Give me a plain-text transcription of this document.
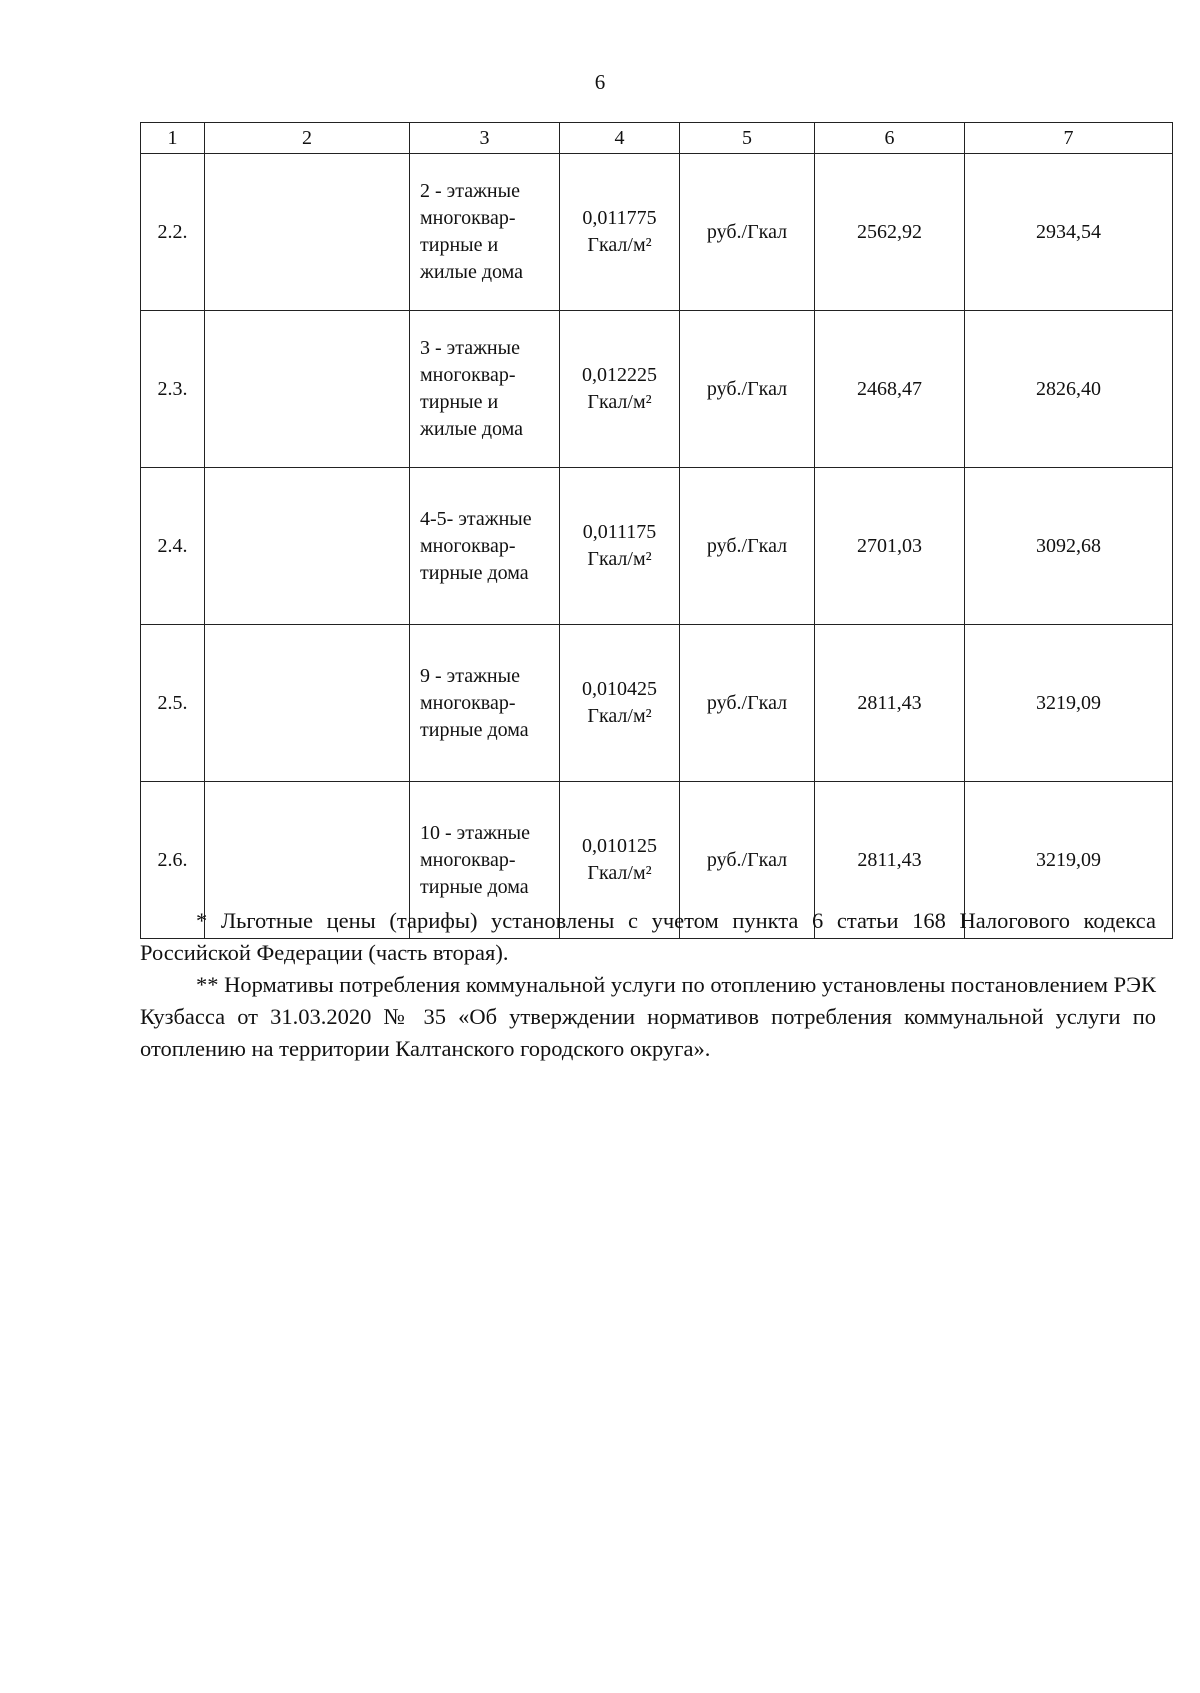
6
1	2	3	4	5	6	7
2.2.		2 - этажные
многоквар-
тирные и
жилые дома	0,011775
Гкал/м²	руб./Гкал	2562,92	2934,54
2.3.		3 - этажные
многоквар-
тирные и
жилые дома	0,012225
Гкал/м²	руб./Гкал	2468,47	2826,40
2.4.		4-5- этажные
многоквар-
тирные дома	0,011175
Гкал/м²	руб./Гкал	2701,03	3092,68
2.5.		9 - этажные
многоквар-
тирные дома	0,010425
Гкал/м²	руб./Гкал	2811,43	3219,09
2.6.		10 - этажные
многоквар-
тирные дома	0,010125
Гкал/м²	руб./Гкал	2811,43	3219,09

* Льготные цены (тарифы) установлены с учетом пункта 6 статьи 168 Налогового кодекса Российской Федерации (часть вторая).

** Нормативы потребления коммунальной услуги по отоплению установлены постановлением РЭК Кузбасса от 31.03.2020 № 35 «Об утверждении нормативов потребления коммунальной услуги по отоплению на территории Калтанского городского округа».
